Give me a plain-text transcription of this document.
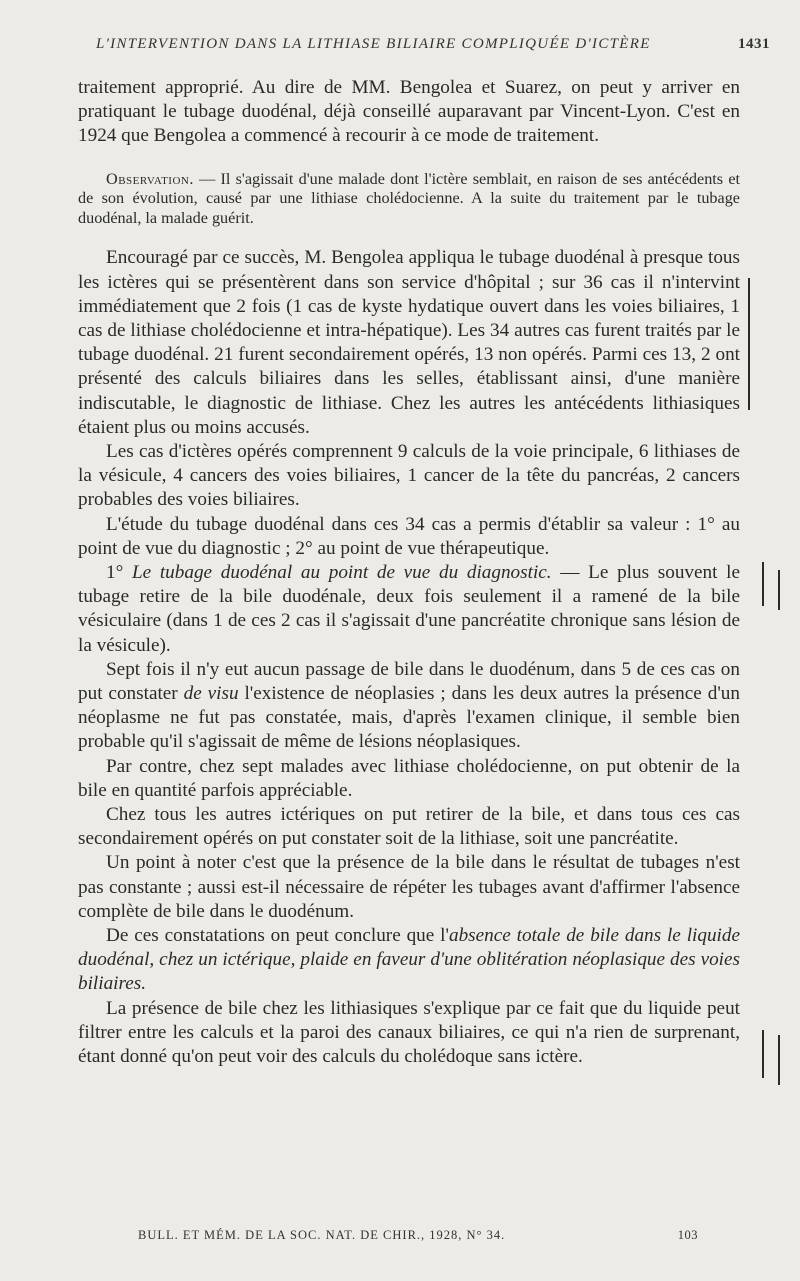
L'INTERVENTION DANS LA LITHIASE BILIAIRE COMPLIQUÉE D'ICTÈRE	1431

traitement approprié. Au dire de MM. Bengolea et Suarez, on peut y arriver en pratiquant le tubage duodénal, déjà conseillé auparavant par Vincent-Lyon. C'est en 1924 que Bengolea a commencé à recourir à ce mode de traitement.

Observation. — Il s'agissait d'une malade dont l'ictère semblait, en raison de ses antécédents et de son évolution, causé par une lithiase cholédocienne. A la suite du traitement par le tubage duodénal, la malade guérit.

Encouragé par ce succès, M. Bengolea appliqua le tubage duodénal à presque tous les ictères qui se présentèrent dans son service d'hôpital ; sur 36 cas il n'intervint immédiatement que 2 fois (1 cas de kyste hydatique ouvert dans les voies biliaires, 1 cas de lithiase cholédocienne et intra-hépatique). Les 34 autres cas furent traités par le tubage duodénal. 21 furent secondairement opérés, 13 non opérés. Parmi ces 13, 2 ont présenté des calculs biliaires dans les selles, établissant ainsi, d'une manière indiscutable, le diagnostic de lithiase. Chez les autres les antécédents lithiasiques étaient plus ou moins accusés.

Les cas d'ictères opérés comprennent 9 calculs de la voie principale, 6 lithiases de la vésicule, 4 cancers des voies biliaires, 1 cancer de la tête du pancréas, 2 cancers probables des voies biliaires.

L'étude du tubage duodénal dans ces 34 cas a permis d'établir sa valeur : 1° au point de vue du diagnostic ; 2° au point de vue thérapeutique.

1° Le tubage duodénal au point de vue du diagnostic. — Le plus souvent le tubage retire de la bile duodénale, deux fois seulement il a ramené de la bile vésiculaire (dans 1 de ces 2 cas il s'agissait d'une pancréatite chronique sans lésion de la vésicule).

Sept fois il n'y eut aucun passage de bile dans le duodénum, dans 5 de ces cas on put constater de visu l'existence de néoplasies ; dans les deux autres la présence d'un néoplasme ne fut pas constatée, mais, d'après l'examen clinique, il semble bien probable qu'il s'agissait de même de lésions néoplasiques.

Par contre, chez sept malades avec lithiase cholédocienne, on put obtenir de la bile en quantité parfois appréciable.

Chez tous les autres ictériques on put retirer de la bile, et dans tous ces cas secondairement opérés on put constater soit de la lithiase, soit une pancréatite.

Un point à noter c'est que la présence de la bile dans le résultat de tubages n'est pas constante ; aussi est-il nécessaire de répéter les tubages avant d'affirmer l'absence complète de bile dans le duodénum.

De ces constatations on peut conclure que l'absence totale de bile dans le liquide duodénal, chez un ictérique, plaide en faveur d'une oblitération néoplasique des voies biliaires.

La présence de bile chez les lithiasiques s'explique par ce fait que du liquide peut filtrer entre les calculs et la paroi des canaux biliaires, ce qui n'a rien de surprenant, étant donné qu'on peut voir des calculs du cholédoque sans ictère.

BULL. ET MÉM. DE LA SOC. NAT. DE CHIR., 1928, N° 34.	103
